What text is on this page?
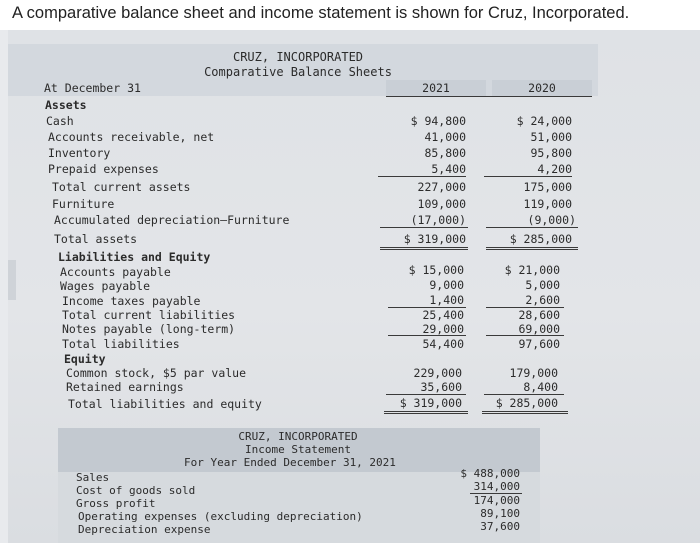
A comparative balance sheet and income statement is shown for Cruz, Incorporated.
CRUZ, INCORPORATED
Comparative Balance Sheets
At December 31	2021	2020
Assets
Cash	$ 94,800	$ 24,000
Accounts receivable, net	41,000	51,000
Inventory	85,800	95,800
Prepaid expenses	5,400	4,200
Total current assets	227,000	175,000
Furniture	109,000	119,000
Accumulated depreciation—Furniture	(17,000)	(9,000)
Total assets	$ 319,000	$ 285,000
Liabilities and Equity
Accounts payable	$ 15,000	$ 21,000
Wages payable	9,000	5,000
Income taxes payable	1,400	2,600
Total current liabilities	25,400	28,600
Notes payable (long-term)	29,000	69,000
Total liabilities	54,400	97,600
Equity
Common stock, $5 par value	229,000	179,000
Retained earnings	35,600	8,400
Total liabilities and equity	$ 319,000	$ 285,000
CRUZ, INCORPORATED
Income Statement
For Year Ended December 31, 2021
Sales	$ 488,000
Cost of goods sold	314,000
Gross profit	174,000
Operating expenses (excluding depreciation)	89,100
Depreciation expense	37,600
